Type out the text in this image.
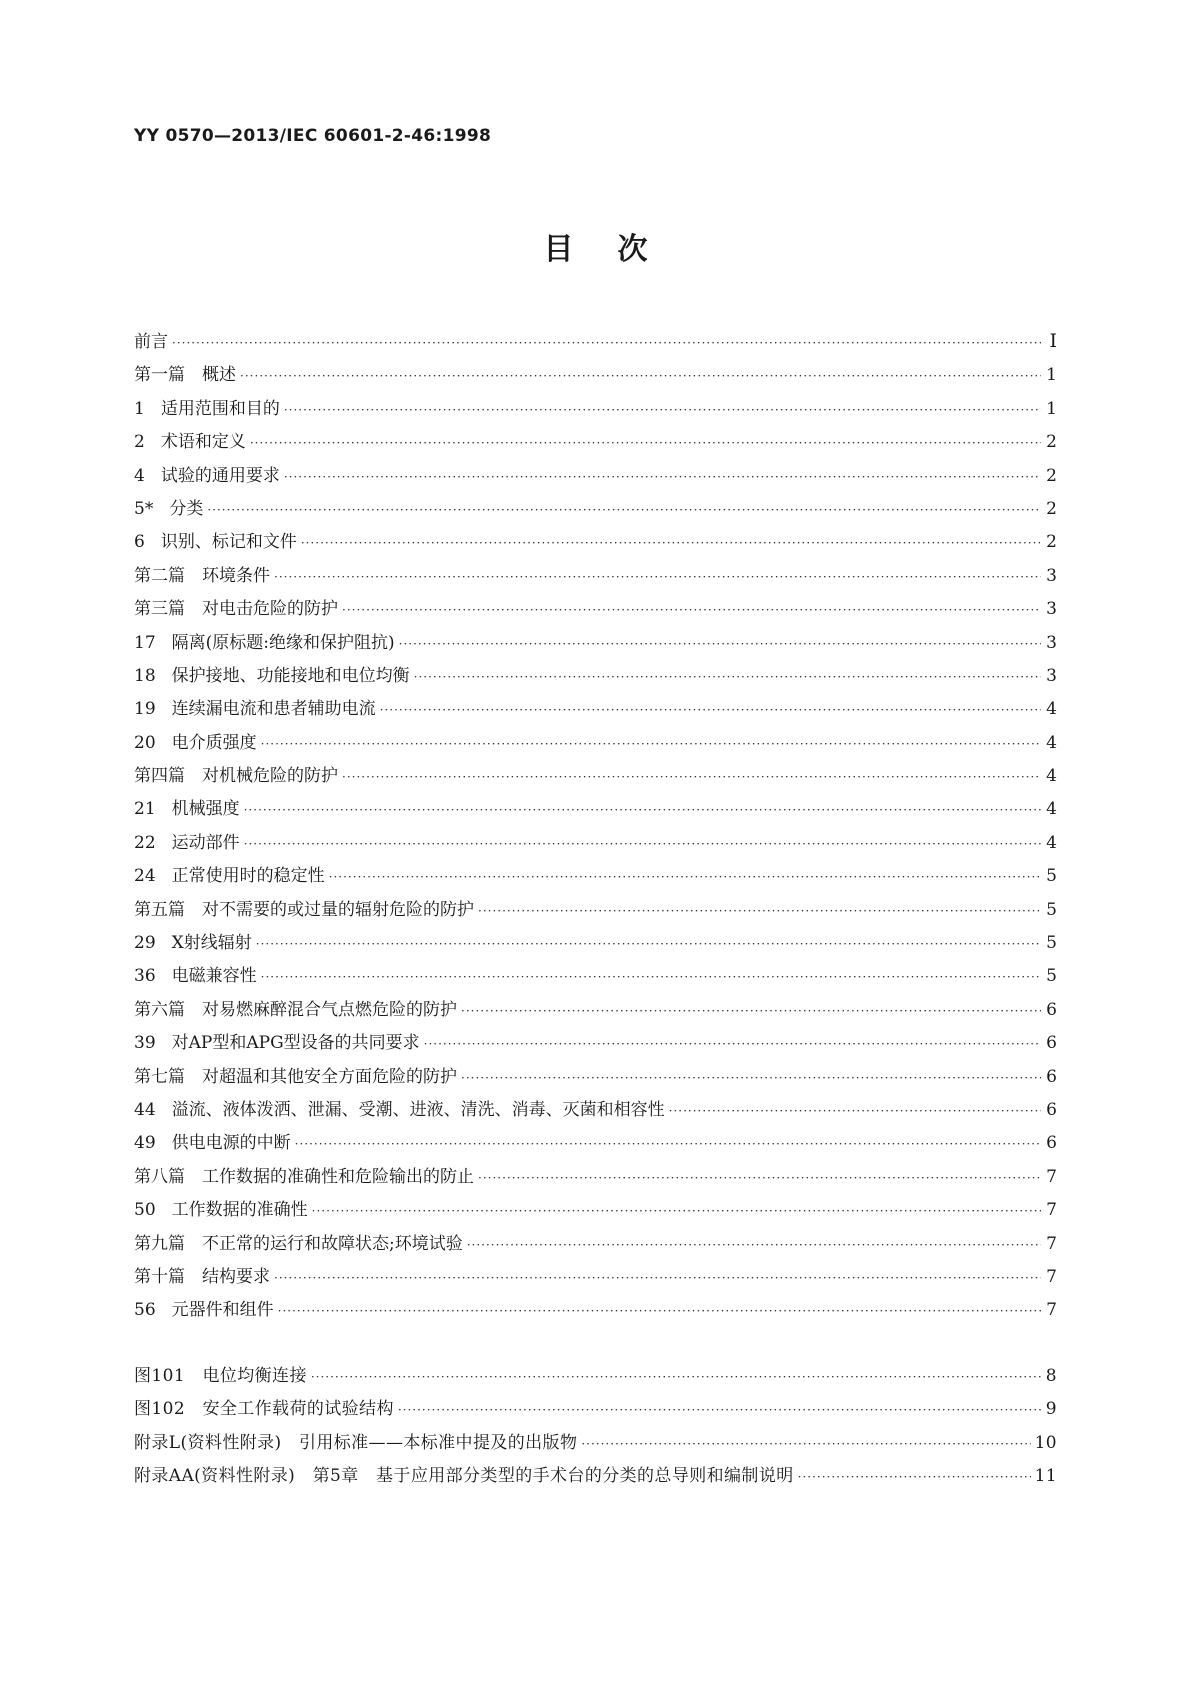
YY 0570—2013/IEC 60601-2-46:1998
目次
前言 ·····	Ⅰ
第一篇　概述 ·····	1
1 适用范围和目的 ·····	1
2 术语和定义 ·····	2
4 试验的通用要求 ·····	2
5* 分类 ·····	2
6 识别、标记和文件 ·····	2
第二篇　环境条件 ·····	3
第三篇　对电击危险的防护 ·····	3
17 隔离(原标题:绝缘和保护阻抗) ·····	3
18 保护接地、功能接地和电位均衡 ·····	3
19 连续漏电流和患者辅助电流 ·····	4
20 电介质强度 ·····	4
第四篇　对机械危险的防护 ·····	4
21 机械强度 ·····	4
22 运动部件 ·····	4
24 正常使用时的稳定性 ·····	5
第五篇　对不需要的或过量的辐射危险的防护 ·····	5
29 X射线辐射 ·····	5
36 电磁兼容性 ·····	5
第六篇　对易燃麻醉混合气点燃危险的防护 ·····	6
39 对AP型和APG型设备的共同要求 ·····	6
第七篇　对超温和其他安全方面危险的防护 ·····	6
44 溢流、液体泼洒、泄漏、受潮、进液、清洗、消毒、灭菌和相容性 ·····	6
49 供电电源的中断 ·····	6
第八篇　工作数据的准确性和危险输出的防止 ·····	7
50 工作数据的准确性 ·····	7
第九篇　不正常的运行和故障状态;环境试验 ·····	7
第十篇　结构要求 ·····	7
56 元器件和组件 ·····	7
图101　电位均衡连接 ·····	8
图102　安全工作载荷的试验结构 ·····	9
附录L(资料性附录)　引用标准——本标准中提及的出版物 ·····	10
附录AA(资料性附录)　第5章　基于应用部分类型的手术台的分类的总导则和编制说明 ·····	11
